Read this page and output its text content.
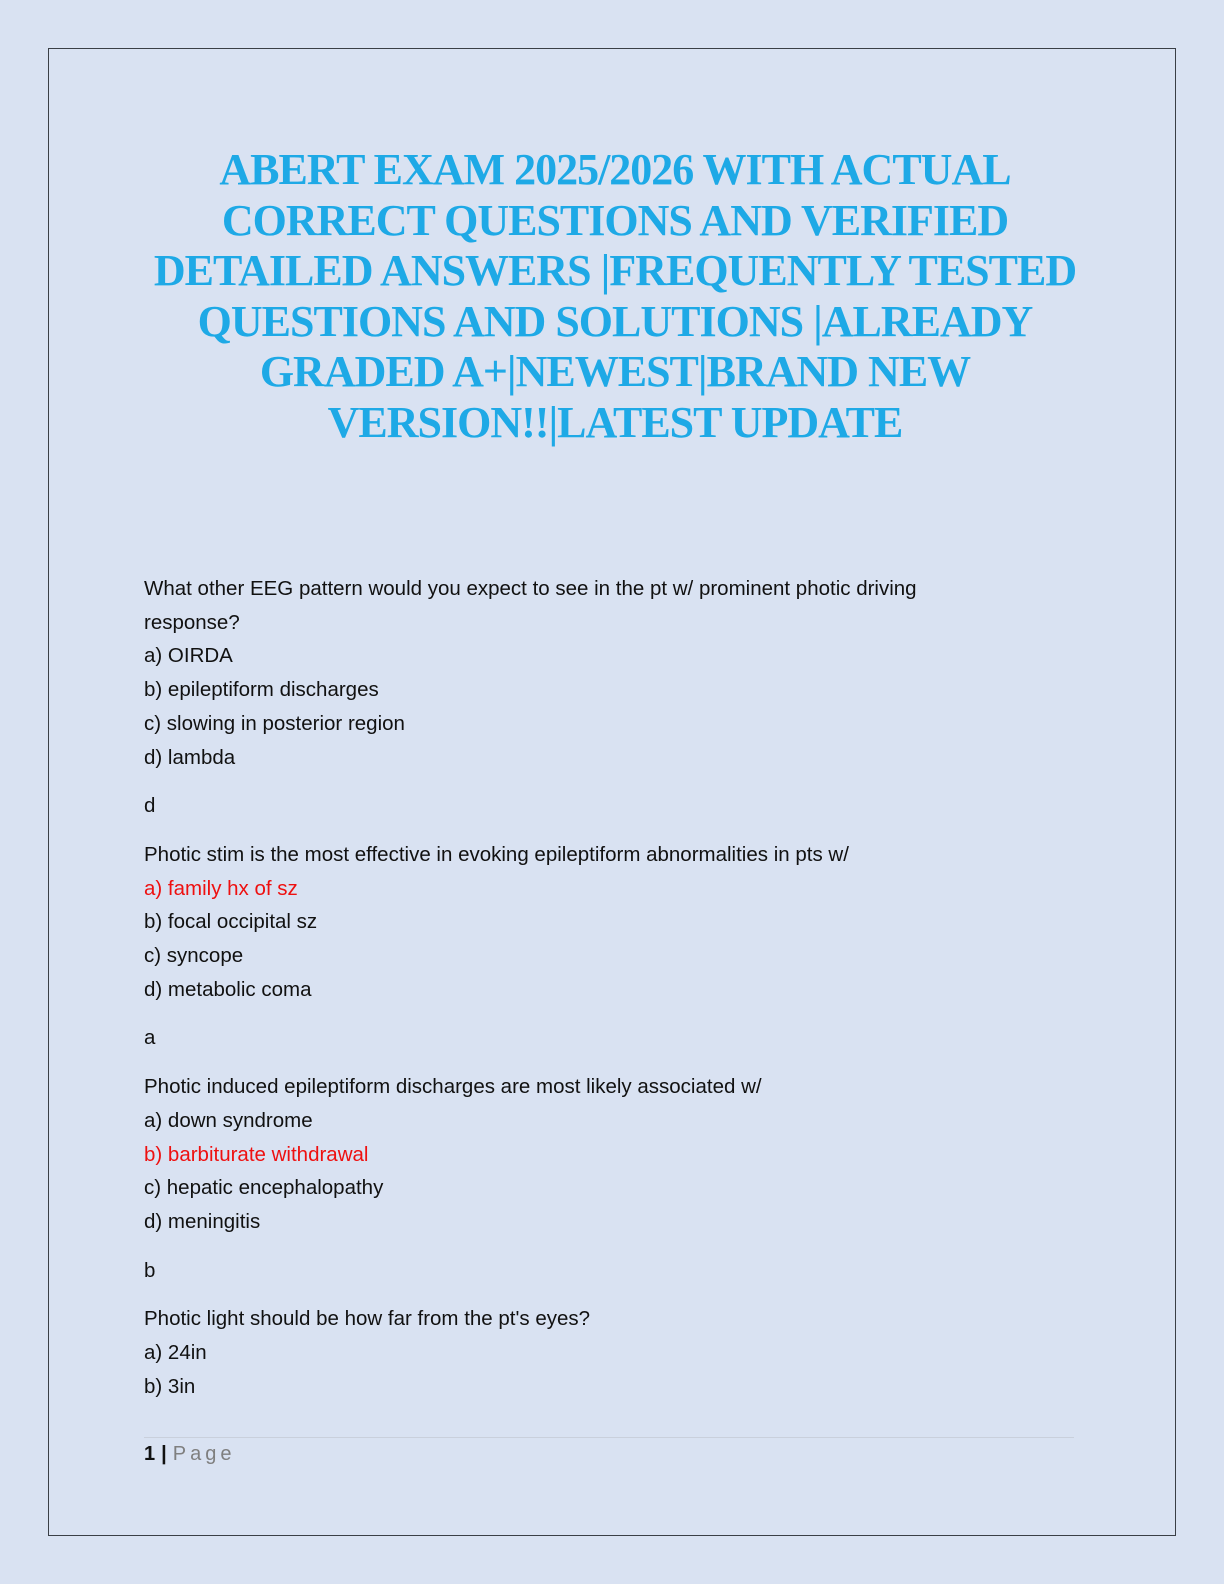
ABERT EXAM 2025/2026 WITH ACTUAL CORRECT QUESTIONS AND VERIFIED DETAILED ANSWERS |FREQUENTLY TESTED QUESTIONS AND SOLUTIONS |ALREADY GRADED A+|NEWEST|BRAND NEW VERSION!!|LATEST UPDATE
What other EEG pattern would you expect to see in the pt w/ prominent photic driving
response?
a) OIRDA
b) epileptiform discharges
c) slowing in posterior region
d) lambda
d
Photic stim is the most effective in evoking epileptiform abnormalities in pts w/
a) family hx of sz
b) focal occipital sz
c) syncope
d) metabolic coma
a
Photic induced epileptiform discharges are most likely associated w/
a) down syndrome
b) barbiturate withdrawal
c) hepatic encephalopathy
d) meningitis
b
Photic light should be how far from the pt's eyes?
a) 24in
b) 3in
1 | Page
